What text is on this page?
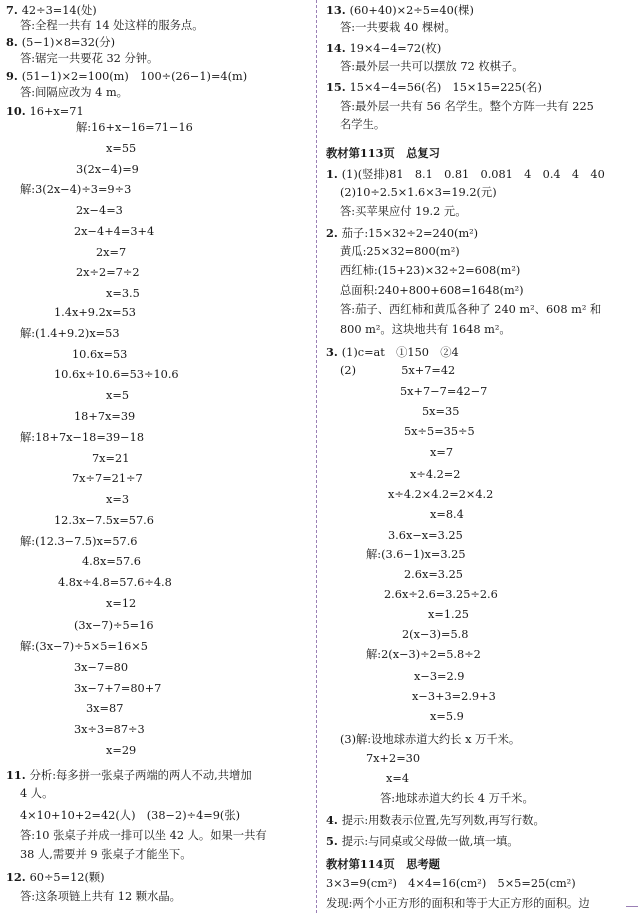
7. 42÷3=14(处)
答:全程一共有 14 处这样的服务点。
8. (5−1)×8=32(分)
答:锯完一共要花 32 分钟。
9. (51−1)×2=100(m)　100÷(26−1)=4(m)
答:间隔应改为 4 m。
10. 16+x=71
解:16+x−16=71−16
x=55
3(2x−4)=9
解:3(2x−4)÷3=9÷3
2x−4=3
2x−4+4=3+4
2x=7
2x÷2=7÷2
x=3.5
1.4x+9.2x=53
解:(1.4+9.2)x=53
10.6x=53
10.6x÷10.6=53÷10.6
x=5
18+7x=39
解:18+7x−18=39−18
7x=21
7x÷7=21÷7
x=3
12.3x−7.5x=57.6
解:(12.3−7.5)x=57.6
4.8x=57.6
4.8x÷4.8=57.6÷4.8
x=12
(3x−7)÷5=16
解:(3x−7)÷5×5=16×5
3x−7=80
3x−7+7=80+7
3x=87
3x÷3=87÷3
x=29
11. 分析:每多拼一张桌子两端的两人不动,共增加
4 人。
4×10+10+2=42(人)　(38−2)÷4=9(张)
答:10 张桌子并成一排可以坐 42 人。如果一共有
38 人,需要并 9 张桌子才能坐下。
12. 60÷5=12(颗)
答:这条项链上共有 12 颗水晶。
13. (60+40)×2÷5=40(棵)
答:一共要栽 40 棵树。
14. 19×4−4=72(枚)
答:最外层一共可以摆放 72 枚棋子。
15. 15×4−4=56(名)　15×15=225(名)
答:最外层一共有 56 名学生。整个方阵一共有 225
名学生。
教材第113页　总复习
1. (1)(竖排)81　8.1　0.81　0.081　4　0.4　4　40
(2)10÷2.5×1.6×3=19.2(元)
答:买苹果应付 19.2 元。
2. 茄子:15×32÷2=240(m²)
黄瓜:25×32=800(m²)
西红柿:(15+23)×32÷2=608(m²)
总面积:240+800+608=1648(m²)
答:茄子、西红柿和黄瓜各种了 240 m²、608 m² 和
800 m²。这块地共有 1648 m²。
3. (1)c=at　①150　②4
(2)　　　　5x+7=42
5x+7−7=42−7
5x=35
5x÷5=35÷5
x=7
x÷4.2=2
x÷4.2×4.2=2×4.2
x=8.4
3.6x−x=3.25
解:(3.6−1)x=3.25
2.6x=3.25
2.6x÷2.6=3.25÷2.6
x=1.25
2(x−3)=5.8
解:2(x−3)÷2=5.8÷2
x−3=2.9
x−3+3=2.9+3
x=5.9
(3)解:设地球赤道大约长 x 万千米。
7x+2=30
x=4
答:地球赤道大约长 4 万千米。
4. 提示:用数表示位置,先写列数,再写行数。
5. 提示:与同桌或父母做一做,填一填。
教材第114页　思考题
3×3=9(cm²)　4×4=16(cm²)　5×5=25(cm²)
发现:两个小正方形的面积和等于大正方形的面积。边
